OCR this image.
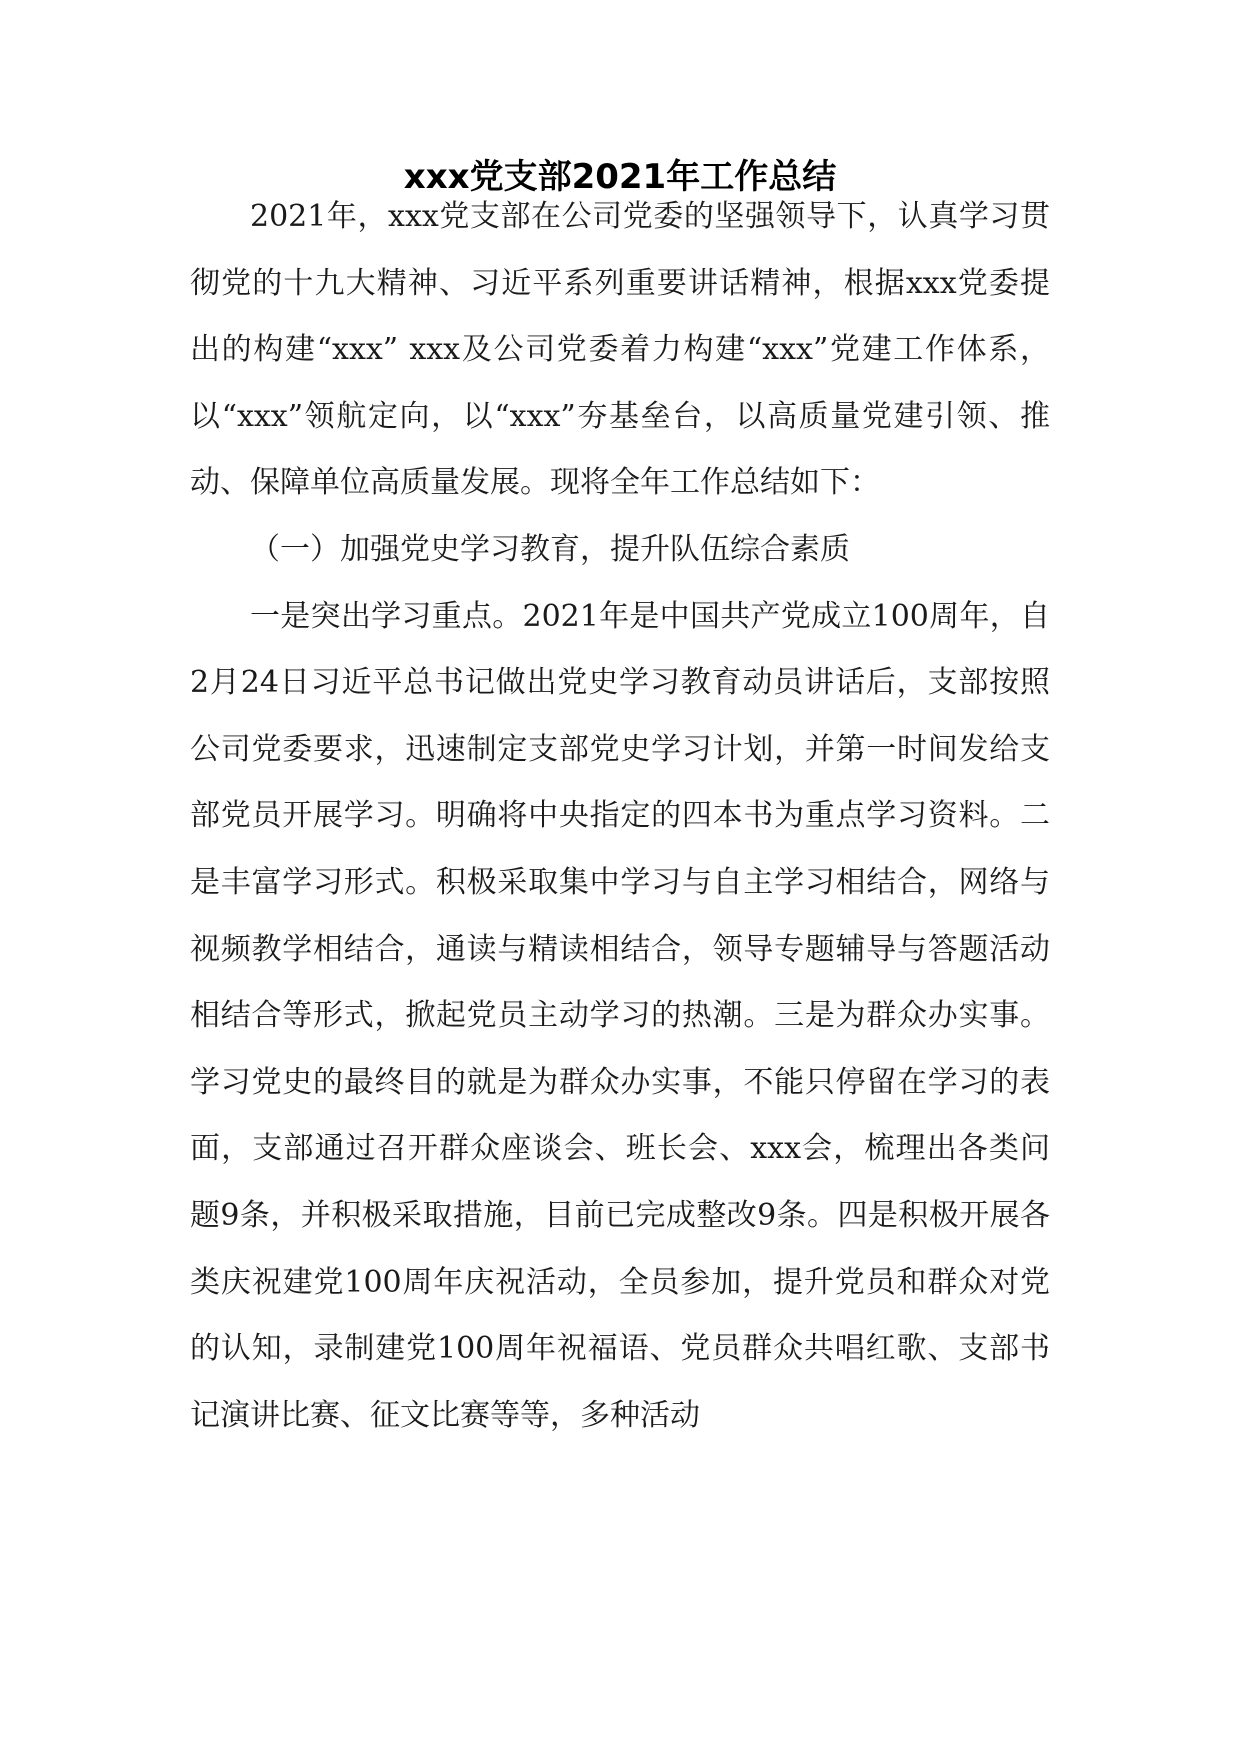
xxx党支部2021年工作总结

2021年，xxx党支部在公司党委的坚强领导下，认真学习贯彻党的十九大精神、习近平系列重要讲话精神，根据xxx党委提出的构建“xxx” xxx及公司党委着力构建“xxx”党建工作体系，以“xxx”领航定向，以“xxx”夯基垒台，以高质量党建引领、推动、保障单位高质量发展。现将全年工作总结如下：

（一）加强党史学习教育，提升队伍综合素质

一是突出学习重点。2021年是中国共产党成立100周年，自2月24日习近平总书记做出党史学习教育动员讲话后，支部按照公司党委要求，迅速制定支部党史学习计划，并第一时间发给支部党员开展学习。明确将中央指定的四本书为重点学习资料。二是丰富学习形式。积极采取集中学习与自主学习相结合，网络与视频教学相结合，通读与精读相结合，领导专题辅导与答题活动相结合等形式，掀起党员主动学习的热潮。三是为群众办实事。学习党史的最终目的就是为群众办实事，不能只停留在学习的表面，支部通过召开群众座谈会、班长会、xxx会，梳理出各类问题9条，并积极采取措施，目前已完成整改9条。四是积极开展各类庆祝建党100周年庆祝活动，全员参加，提升党员和群众对党的认知，录制建党100周年祝福语、党员群众共唱红歌、支部书记演讲比赛、征文比赛等等，多种活动
